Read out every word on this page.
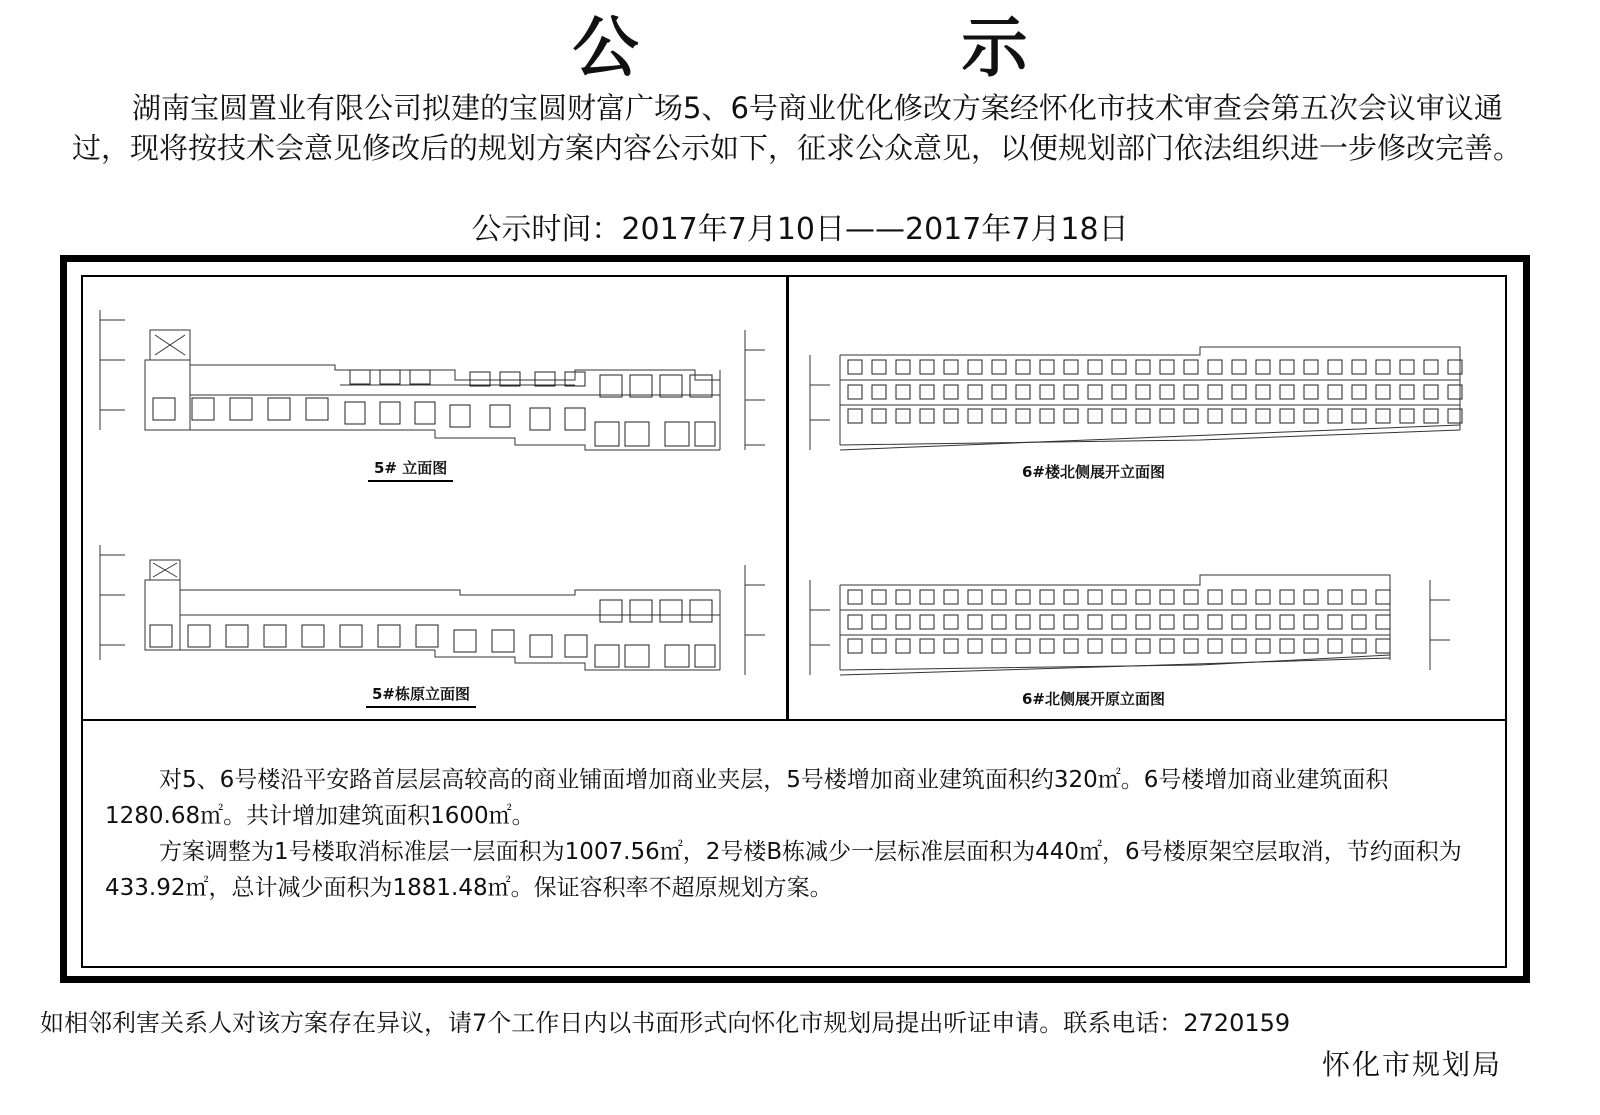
公 示
湖南宝圆置业有限公司拟建的宝圆财富广场5、6号商业优化修改方案经怀化市技术审查会第五次会议审议通过，现将按技术会意见修改后的规划方案内容公示如下，征求公众意见，以便规划部门依法组织进一步修改完善。
公示时间：2017年7月10日——2017年7月18日
5# 立面图	6#楼北侧展开立面图
5#栋原立面图	6#北侧展开原立面图

对5、6号楼沿平安路首层层高较高的商业铺面增加商业夹层，5号楼增加商业建筑面积约320㎡。6号楼增加商业建筑面积1280.68㎡。共计增加建筑面积1600㎡。

方案调整为1号楼取消标准层一层面积为1007.56㎡，2号楼B栋减少一层标准层面积为440㎡，6号楼原架空层取消，节约面积为433.92㎡，总计减少面积为1881.48㎡。保证容积率不超原规划方案。

如相邻利害关系人对该方案存在异议，请7个工作日内以书面形式向怀化市规划局提出听证申请。联系电话：2720159
怀化市规划局
